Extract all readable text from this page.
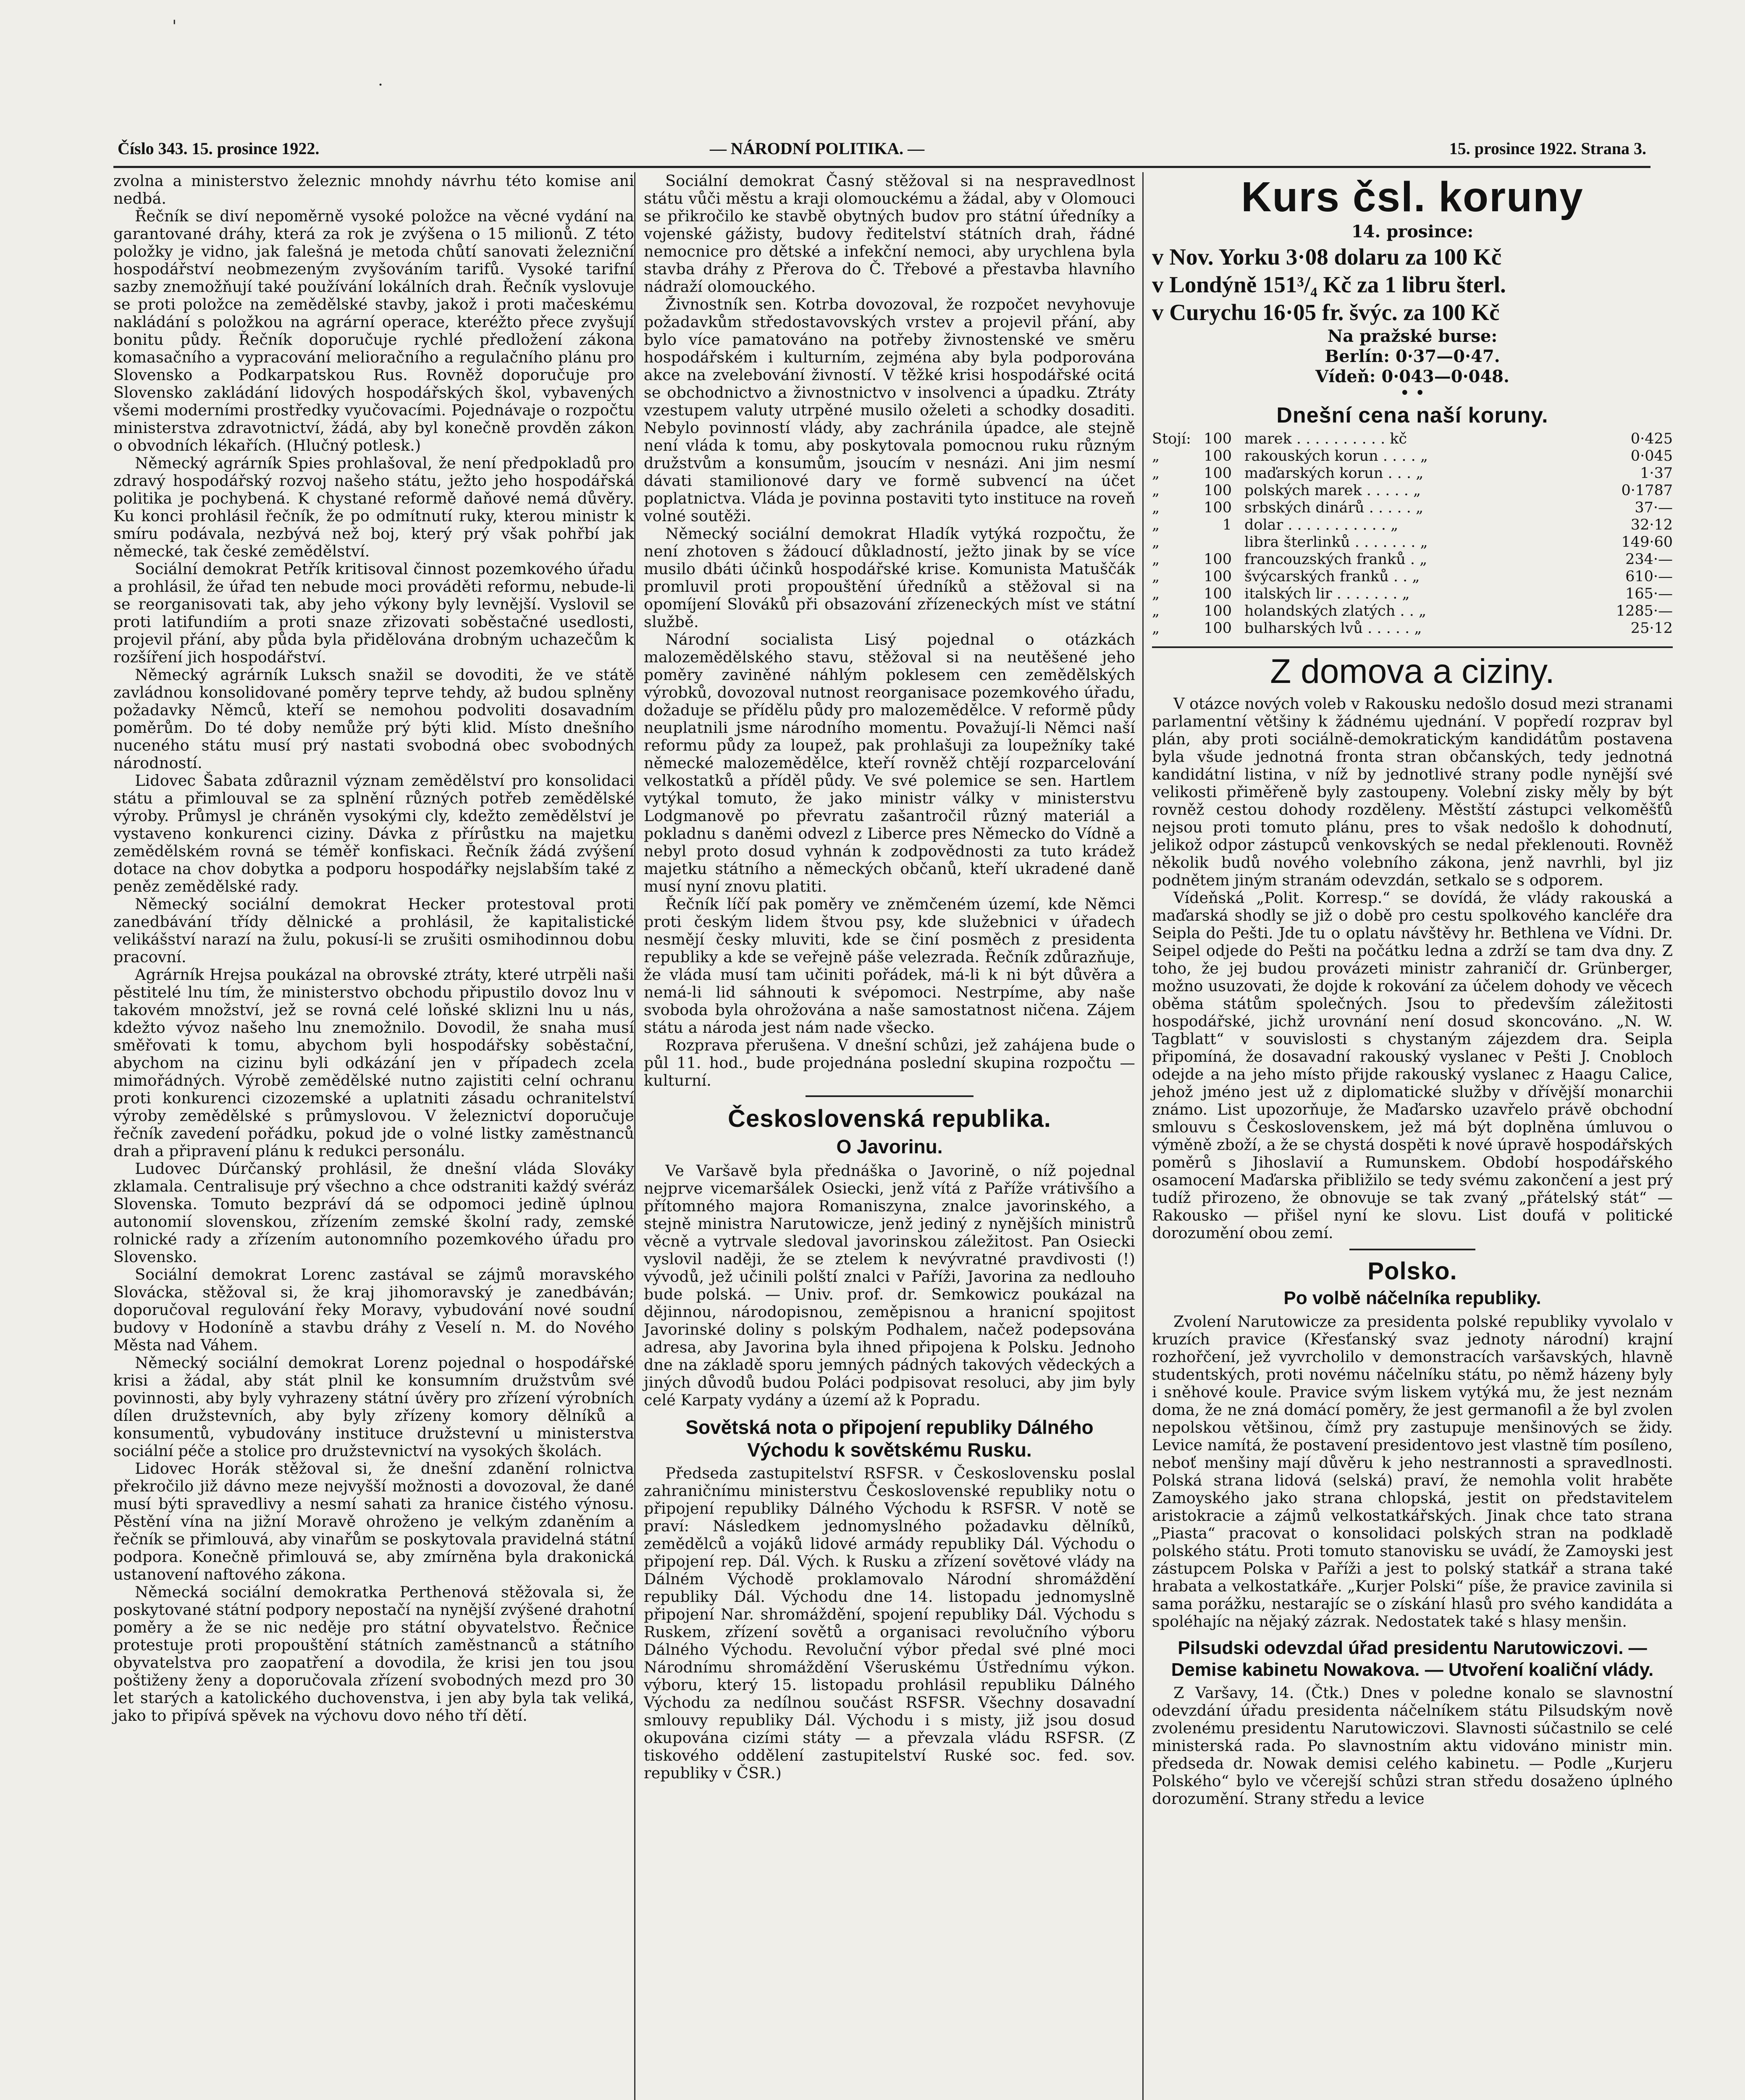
'
·
Číslo 343. 15. prosince 1922.	— NÁRODNÍ POLITIKA. —	15. prosince 1922. Strana 3.

zvolna a ministerstvo železnic mnohdy návrhu této komise ani nedbá.

Řečník se diví nepoměrně vysoké položce na věcné vydání na garantované dráhy, která za rok je zvýšena o 15 milionů. Z této položky je vidno, jak falešná je metoda chůtí sanovati železniční hospodářství neobmezeným zvyšováním tarifů. Vysoké tarifní sazby znemožňují také používání lokálních drah. Řečník vyslovuje se proti položce na zemědělské stavby, jakož i proti mačeskému nakládání s položkou na agrární operace, kteréžto přece zvyšují bonitu půdy. Řečník doporučuje rychlé předložení zákona komasačního a vypracování melioračního a regulačního plánu pro Slovensko a Podkarpatskou Rus. Rovněž doporučuje pro Slovensko zakládání lidových hospodářských škol, vybavených všemi moderními prostředky vyučovacími. Pojednávaje o rozpočtu ministerstva zdravotnictví, žádá, aby byl konečně provděn zákon o obvodních lékařích. (Hlučný potlesk.)

Německý agrárník Spies prohlašoval, že není předpokladů pro zdravý hospodářský rozvoj našeho státu, ježto jeho hospodářská politika je pochybená. K chystané reformě daňové nemá důvěry. Ku konci prohlásil řečník, že po odmítnutí ruky, kterou ministr k smíru podávala, nezbývá než boj, který prý však pohřbí jak německé, tak české zemědělství.

Sociální demokrat Petřík kritisoval činnost pozemkového úřadu a prohlásil, že úřad ten nebude moci prováděti reformu, nebude-li se reorganisovati tak, aby jeho výkony byly levnější. Vyslovil se proti latifundiím a proti snaze zřizovati soběstačné usedlosti, projevil přání, aby půda byla přidělována drobným uchazečům k rozšíření jich hospodářství.

Německý agrárník Luksch snažil se dovoditi, že ve státě zavládnou konsolidované poměry teprve tehdy, až budou splněny požadavky Němců, kteří se nemohou podvoliti dosavadním poměrům. Do té doby nemůže prý býti klid. Místo dnešního nuceného státu musí prý nastati svobodná obec svobodných národností.

Lidovec Šabata zdůraznil význam zemědělství pro konsolidaci státu a přimlouval se za splnění různých potřeb zemědělské výroby. Průmysl je chráněn vysokými cly, kdežto zemědělství je vystaveno konkurenci ciziny. Dávka z přírůstku na majetku zemědělském rovná se téměř konfiskaci. Řečník žádá zvýšení dotace na chov dobytka a podporu hospodářky nejslabším také z peněz zemědělské rady.

Německý sociální demokrat Hecker protestoval proti zanedbávání třídy dělnické a prohlásil, že kapitalistické velikášství narazí na žulu, pokusí-li se zrušiti osmihodinnou dobu pracovní.

Agrárník Hrejsa poukázal na obrovské ztráty, které utrpěli naši pěstitelé lnu tím, že ministerstvo obchodu připustilo dovoz lnu v takovém množství, jež se rovná celé loňské sklizni lnu u nás, kdežto vývoz našeho lnu znemožnilo. Dovodil, že snaha musí směřovati k tomu, abychom byli hospodářsky soběstační, abychom na cizinu byli odkázání jen v případech zcela mimořádných. Výrobě zemědělské nutno zajistiti celní ochranu proti konkurenci cizozemské a uplatniti zásadu ochranitelství výroby zemědělské s průmyslovou. V železnictví doporučuje řečník zavedení pořádku, pokud jde o volné listky zaměstnanců drah a připravení plánu k redukci personálu.

Ludovec Dúrčanský prohlásil, že dnešní vláda Slováky zklamala. Centralisuje prý všechno a chce odstraniti každý svéráz Slovenska. Tomuto bezpráví dá se odpomoci jedině úplnou autonomií slovenskou, zřízením zemské školní rady, zemské rolnické rady a zřízením autonomního pozemkového úřadu pro Slovensko.

Sociální demokrat Lorenc zastával se zájmů moravského Slovácka, stěžoval si, že kraj jihomoravský je zanedbáván; doporučoval regulování řeky Moravy, vybudování nové soudní budovy v Hodoníně a stavbu dráhy z Veselí n. M. do Nového Města nad Váhem.

Německý sociální demokrat Lorenz pojednal o hospodářské krisi a žádal, aby stát plnil ke konsumním družstvům své povinnosti, aby byly vyhrazeny státní úvěry pro zřízení výrobních dílen družstevních, aby byly zřízeny komory dělníků a konsumentů, vybudovány instituce družstevní u ministerstva sociální péče a stolice pro družstevnictví na vysokých školách.

Lidovec Horák stěžoval si, že dnešní zdanění rolnictva překročilo již dávno meze nejvyšší možnosti a dovozoval, že dané musí býti spravedlivy a nesmí sahati za hranice čistého výnosu. Pěstění vína na jižní Moravě ohroženo je velkým zdaněním a řečník se přimlouvá, aby vinařům se poskytovala pravidelná státní podpora. Konečně přimlouvá se, aby zmírněna byla drakonická ustanovení naftového zákona.

Německá sociální demokratka Perthenová stěžovala si, že poskytované státní podpory nepostačí na nynější zvýšené drahotní poměry a že se nic neděje pro státní obyvatelstvo. Řečnice protestuje proti propouštění státních zaměstnanců a státního obyvatelstva pro zaopatření a dovodila, že krisi jen tou jsou poštiženy ženy a doporučovala zřízení svobodných mezd pro 30 let starých a katolického duchovenstva, i jen aby byla tak veliká, jako to připívá spěvek na výchovu dovo ného tří dětí.

Sociální demokrat Časný stěžoval si na nespravedlnost státu vůči městu a kraji olomouckému a žádal, aby v Olomouci se přikročilo ke stavbě obytných budov pro státní úředníky a vojenské gážisty, budovy ředitelství státních drah, řádné nemocnice pro dětské a infekční nemoci, aby urychlena byla stavba dráhy z Přerova do Č. Třebové a přestavba hlavního nádraží olomouckého.

Živnostník sen. Kotrba dovozoval, že rozpočet nevyhovuje požadavkům středostavovských vrstev a projevil přání, aby bylo více pamatováno na potřeby živnostenské ve směru hospodářském i kulturním, zejména aby byla podporována akce na zvelebování živností. V těžké krisi hospodářské ocitá se obchodnictvo a živnostnictvo v insolvenci a úpadku. Ztráty vzestupem valuty utrpěné musilo oželeti a schodky dosaditi. Nebylo povinností vlády, aby zachránila úpadce, ale stejně není vláda k tomu, aby poskytovala pomocnou ruku různým družstvům a konsumům, jsoucím v nesnázi. Ani jim nesmí dávati stamilionové dary ve formě subvencí na účet poplatnictva. Vláda je povinna postaviti tyto instituce na roveň volné soutěži.

Německý sociální demokrat Hladík vytýká rozpočtu, že není zhotoven s žádoucí důkladností, ježto jinak by se více musilo dbáti účinků hospodářské krise. Komunista Matuščák promluvil proti propouštění úředníků a stěžoval si na opomíjení Slováků při obsazování zřízeneckých míst ve státní službě.

Národní socialista Lisý pojednal o otázkách malozemědělského stavu, stěžoval si na neutěšené jeho poměry zaviněné náhlým poklesem cen zemědělských výrobků, dovozoval nutnost reorganisace pozemkového úřadu, dožaduje se přídělu půdy pro malozemědělce. V reformě půdy neuplatnili jsme národního momentu. Považují-li Němci naší reformu půdy za loupež, pak prohlašuji za loupežníky také německé malozemědělce, kteří rovněž chtějí rozparcelování velkostatků a příděl půdy. Ve své polemice se sen. Hartlem vytýkal tomuto, že jako ministr války v ministerstvu Lodgmanově po převratu zašantročil různý materiál a pokladnu s daněmi odvezl z Liberce pres Německo do Vídně a nebyl proto dosud vyhnán k zodpovědnosti za tuto krádež majetku státního a německých občanů, kteří ukradené daně musí nyní znovu platiti.

Řečník líčí pak poměry ve zněmčeném území, kde Němci proti českým lidem štvou psy, kde služebnici v úřadech nesmějí česky mluviti, kde se činí posměch z presidenta republiky a kde se veřejně páše velezrada. Řečník zdůrazňuje, že vláda musí tam učiniti pořádek, má-li k ni být důvěra a nemá-li lid sáhnouti k svépomoci. Nestrpíme, aby naše svoboda byla ohrožována a naše samostatnost ničena. Zájem státu a národa jest nám nade všecko.

Rozprava přerušena. V dnešní schůzi, jež zahájena bude o půl 11. hod., bude projednána poslední skupina rozpočtu — kulturní.

Československá republika.
O Javorinu.

Ve Varšavě byla přednáška o Javorině, o níž pojednal nejprve vicemaršálek Osiecki, jenž vítá z Paříže vrátivšího a přítomného majora Romaniszyna, znalce javorinského, a stejně ministra Narutowicze, jenž jediný z nynějších ministrů věcně a vytrvale sledoval javorinskou záležitost. Pan Osiecki vyslovil naději, že se ztelem k nevývratné pravdivosti (!) vývodů, jež učinili polští znalci v Paříži, Javorina za nedlouho bude polská. — Univ. prof. dr. Semkowicz poukázal na dějinnou, národopisnou, zeměpisnou a hranicní spojitost Javorinské doliny s polským Podhalem, načež podepsována adresa, aby Javorina byla ihned připojena k Polsku. Jednoho dne na základě sporu jemných pádných takových vědeckých a jiných důvodů budou Poláci podpisovat resoluci, aby jim byly celé Karpaty vydány a území až k Popradu.

Sovětská nota o připojení republiky Dálného Východu k sovětskému Rusku.

Předseda zastupitelství RSFSR. v Československu poslal zahraničnímu ministerstvu Československé republiky notu o připojení republiky Dálného Východu k RSFSR. V notě se praví: Následkem jednomyslného požadavku dělníků, zemědělců a vojáků lidové armády republiky Dál. Východu o připojení rep. Dál. Vých. k Rusku a zřízení sovětové vlády na Dálném Východě proklamovalo Národní shromáždění republiky Dál. Východu dne 14. listopadu jednomyslně připojení Nar. shromáždění, spojení republiky Dál. Východu s Ruskem, zřízení sovětů a organisaci revolučního výboru Dálného Východu. Revoluční výbor předal své plné moci Národnímu shromáždění Všeruskému Ústřednímu výkon. výboru, který 15. listopadu prohlásil republiku Dálného Východu za nedílnou součást RSFSR. Všechny dosavadní smlouvy republiky Dál. Východu i s misty, již jsou dosud okupována cizími státy — a převzala vládu RSFSR. (Z tiskového oddělení zastupitelství Ruské soc. fed. sov. republiky v ČSR.)

Kurs čsl. koruny
14. prosince:
v Nov. Yorku 3·08 dolaru za 100 Kč
v Londýně 151³/₄ Kč za 1 libru šterl.
v Curychu 16·05 fr. švýc. za 100 Kč
Na pražské burse:
Berlín: 0·37—0·47.
Vídeň: 0·043—0·048.
• •
Dnešní cena naší koruny.
Stojí:	100	marek . . . . . . . . . . kč	0·425
„	100	rakouských korun . . . . „	0·045
„	100	maďarských korun . . . „	1·37
„	100	polských marek . . . . . „	0·1787
„	100	srbských dinárů . . . . . „	37·—
„	1	dolar . . . . . . . . . . . „	32·12
„		libra šterlinků . . . . . . . „	149·60
„	100	francouzských franků . „	234·—
„	100	švýcarských franků . . „	610·—
„	100	italských lir . . . . . . . „	165·—
„	100	holandských zlatých . . „	1285·—
„	100	bulharských lvů . . . . . „	25·12
Z domova a ciziny.

V otázce nových voleb v Rakousku nedošlo dosud mezi stranami parlamentní většiny k žádnému ujednání. V popředí rozprav byl plán, aby proti sociálně-demokratickým kandidátům postavena byla všude jednotná fronta stran občanských, tedy jednotná kandidátní listina, v níž by jednotlivé strany podle nynější své velikosti přiměřeně byly zastoupeny. Volební zisky měly by být rovněž cestou dohody rozděleny. Městští zástupci velkoměšťů nejsou proti tomuto plánu, pres to však nedošlo k dohodnutí, jelikož odpor zástupců venkovských se nedal překlenouti. Rovněž několik budů nového volebního zákona, jenž navrhli, byl jiz podnětem jiným stranám odevzdán, setkalo se s odporem.

Vídeňská „Polit. Korresp.“ se dovídá, že vlády rakouská a maďarská shodly se již o době pro cestu spolkového kancléře dra Seipla do Pešti. Jde tu o oplatu návštěvy hr. Bethlena ve Vídni. Dr. Seipel odjede do Pešti na počátku ledna a zdrží se tam dva dny. Z toho, že jej budou provázeti ministr zahraničí dr. Grünberger, možno usuzovati, že dojde k rokování za účelem dohody ve věcech oběma státům společných. Jsou to především záležitosti hospodářské, jichž urovnání není dosud skoncováno. „N. W. Tagblatt“ v souvislosti s chystaným zájezdem dra. Seipla připomíná, že dosavadní rakouský vyslanec v Pešti J. Cnobloch odejde a na jeho místo přijde rakouský vyslanec z Haagu Calice, jehož jméno jest už z diplomatické služby v dřívější monarchii známo. List upozorňuje, že Maďarsko uzavřelo právě obchodní smlouvu s Československem, jež má být doplněna úmluvou o výměně zboží, a že se chystá dospěti k nové úpravě hospodářských poměrů s Jihoslavií a Rumunskem. Období hospodářského osamocení Maďarska přibližilo se tedy svému zakončení a jest prý tudíž přirozeno, že obnovuje se tak zvaný „přátelský stát“ — Rakousko — přišel nyní ke slovu. List doufá v politické dorozumění obou zemí.

Polsko.
Po volbě náčelníka republiky.

Zvolení Narutowicze za presidenta polské republiky vyvolalo v kruzích pravice (Křesťanský svaz jednoty národní) krajní rozhořčení, jež vyvrcholilo v demonstracích varšavských, hlavně studentských, proti novému náčelníku státu, po němž házeny byly i sněhové koule. Pravice svým liskem vytýká mu, že jest neznám doma, že ne zná domácí poměry, že jest germanofil a že byl zvolen nepolskou většinou, čímž pry zastupuje menšinových se židy. Levice namítá, že postavení presidentovo jest vlastně tím posíleno, neboť menšiny mají důvěru k jeho nestrannosti a spravedlnosti. Polská strana lidová (selská) praví, že nemohla volit hraběte Zamoyského jako strana chlopská, jestit on představitelem aristokracie a zájmů velkostatkářských. Jinak chce tato strana „Piasta“ pracovat o konsolidaci polských stran na podkladě polského státu. Proti tomuto stanovisku se uvádí, že Zamoyski jest zástupcem Polska v Paříži a jest to polský statkář a strana také hrabata a velkostatkáře. „Kurjer Polski“ píše, že pravice zavinila si sama porážku, nestarajíc se o získání hlasů pro svého kandidáta a spoléhajíc na nějaký zázrak. Nedostatek také s hlasy menšin.

Pilsudski odevzdal úřad presidentu Narutowiczovi. — Demise kabinetu Nowakova. — Utvoření koaliční vlády.

Z Varšavy, 14. (Čtk.) Dnes v poledne konalo se slavnostní odevzdání úřadu presidenta náčelníkem státu Pilsudským nově zvolenému presidentu Narutowiczovi. Slavnosti súčastnilo se celé ministerská rada. Po slavnostním aktu vidováno ministr min. předseda dr. Nowak demisi celého kabinetu. — Podle „Kurjeru Polského“ bylo ve včerejší schůzi stran středu dosaženo úplného dorozumění. Strany středu a levice
